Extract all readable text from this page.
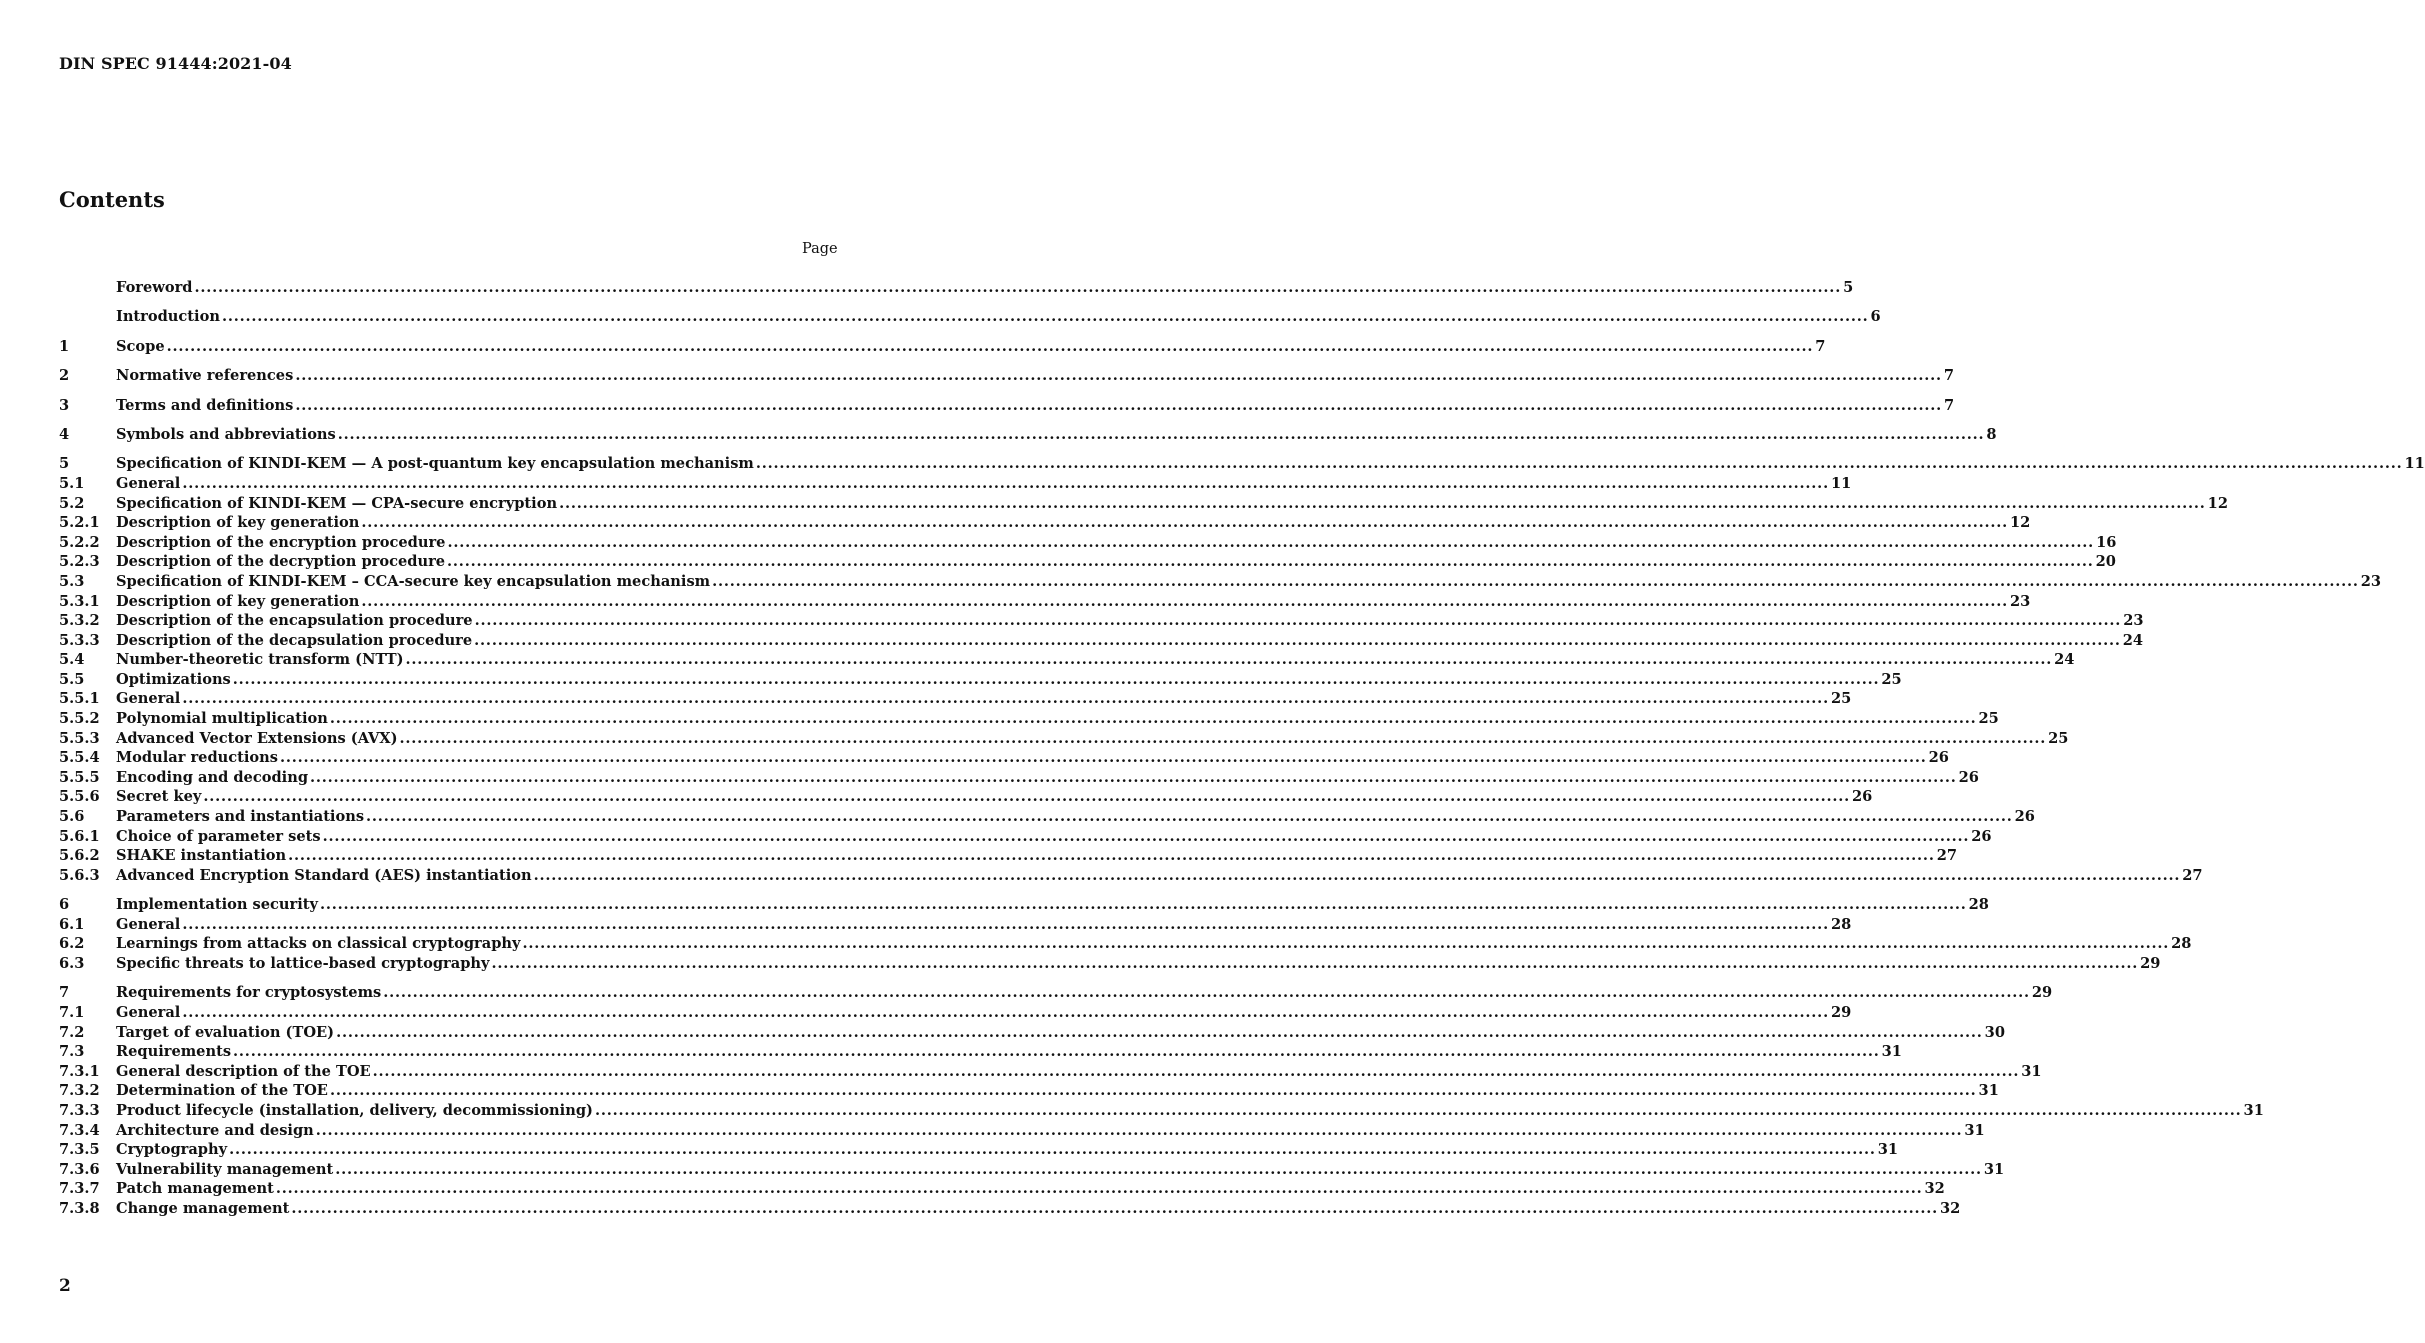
DIN SPEC 91444:2021-04
Contents
Page
Foreword .....	5
Introduction .....	6
1	Scope .....	7
2	Normative references .....	7
3	Terms and definitions .....	7
4	Symbols and abbreviations .....	8
5	Specification of KINDI-KEM — A post-quantum key encapsulation mechanism .....	11
5.1	General .....	11
5.2	Specification of KINDI-KEM — CPA-secure encryption .....	12
5.2.1	Description of key generation .....	12
5.2.2	Description of the encryption procedure .....	16
5.2.3	Description of the decryption procedure .....	20
5.3	Specification of KINDI-KEM – CCA-secure key encapsulation mechanism .....	23
5.3.1	Description of key generation .....	23
5.3.2	Description of the encapsulation procedure .....	23
5.3.3	Description of the decapsulation procedure .....	24
5.4	Number-theoretic transform (NTT) .....	24
5.5	Optimizations .....	25
5.5.1	General .....	25
5.5.2	Polynomial multiplication .....	25
5.5.3	Advanced Vector Extensions (AVX) .....	25
5.5.4	Modular reductions .....	26
5.5.5	Encoding and decoding .....	26
5.5.6	Secret key .....	26
5.6	Parameters and instantiations .....	26
5.6.1	Choice of parameter sets .....	26
5.6.2	SHAKE instantiation .....	27
5.6.3	Advanced Encryption Standard (AES) instantiation .....	27
6	Implementation security .....	28
6.1	General .....	28
6.2	Learnings from attacks on classical cryptography .....	28
6.3	Specific threats to lattice-based cryptography .....	29
7	Requirements for cryptosystems .....	29
7.1	General .....	29
7.2	Target of evaluation (TOE) .....	30
7.3	Requirements .....	31
7.3.1	General description of the TOE .....	31
7.3.2	Determination of the TOE .....	31
7.3.3	Product lifecycle (installation, delivery, decommissioning) .....	31
7.3.4	Architecture and design .....	31
7.3.5	Cryptography .....	31
7.3.6	Vulnerability management .....	31
7.3.7	Patch management .....	32
7.3.8	Change management .....	32
2
